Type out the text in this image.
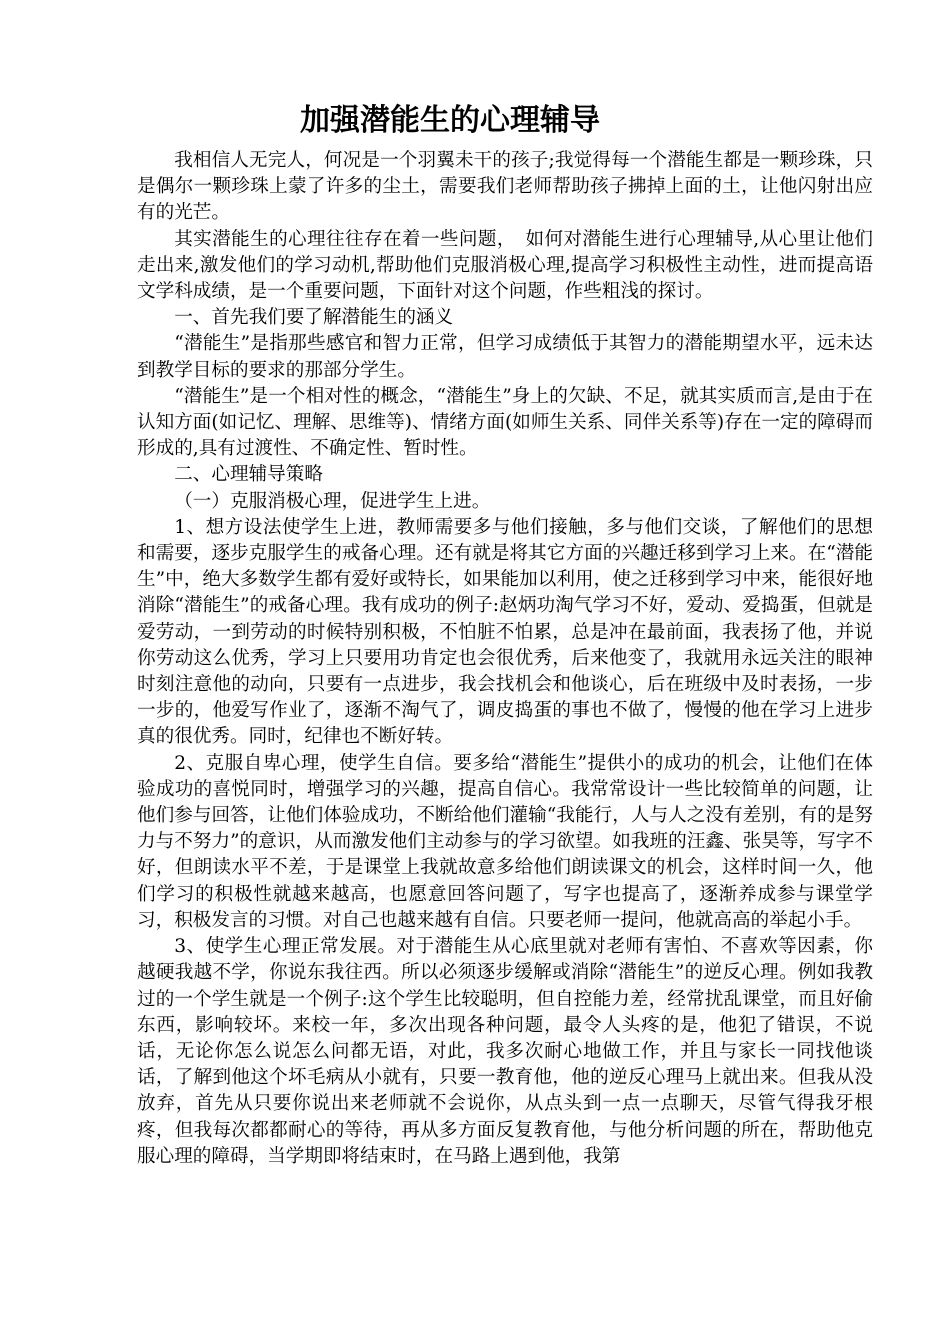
加强潜能生的心理辅导

我相信人无完人，何况是一个羽翼未干的孩子;我觉得每一个潜能生都是一颗珍珠，只是偶尔一颗珍珠上蒙了许多的尘土，需要我们老师帮助孩子拂掉上面的土，让他闪射出应有的光芒。

其实潜能生的心理往往存在着一些问题，　如何对潜能生进行心理辅导,从心里让他们走出来,激发他们的学习动机,帮助他们克服消极心理,提高学习积极性主动性，进而提高语文学科成绩，是一个重要问题，下面针对这个问题，作些粗浅的探讨。

一、首先我们要了解潜能生的涵义

“潜能生”是指那些感官和智力正常，但学习成绩低于其智力的潜能期望水平，远未达到教学目标的要求的那部分学生。

“潜能生”是一个相对性的概念，“潜能生”身上的欠缺、不足，就其实质而言,是由于在认知方面(如记忆、理解、思维等)、情绪方面(如师生关系、同伴关系等)存在一定的障碍而形成的,具有过渡性、不确定性、暂时性。

二、心理辅导策略

（一）克服消极心理，促进学生上进。

1、想方设法使学生上进，教师需要多与他们接触，多与他们交谈，了解他们的思想和需要，逐步克服学生的戒备心理。还有就是将其它方面的兴趣迁移到学习上来。在“潜能生”中，绝大多数学生都有爱好或特长，如果能加以利用，使之迁移到学习中来，能很好地消除“潜能生”的戒备心理。我有成功的例子:赵炳功淘气学习不好，爱动、爱捣蛋，但就是爱劳动，一到劳动的时候特别积极，不怕脏不怕累，总是冲在最前面，我表扬了他，并说你劳动这么优秀，学习上只要用功肯定也会很优秀，后来他变了，我就用永远关注的眼神时刻注意他的动向，只要有一点进步，我会找机会和他谈心，后在班级中及时表扬，一步一步的，他爱写作业了，逐渐不淘气了，调皮捣蛋的事也不做了，慢慢的他在学习上进步真的很优秀。同时，纪律也不断好转。

2、克服自卑心理，使学生自信。要多给“潜能生”提供小的成功的机会，让他们在体验成功的喜悦同时，增强学习的兴趣，提高自信心。我常常设计一些比较简单的问题，让他们参与回答，让他们体验成功，不断给他们灌输“我能行，人与人之没有差别，有的是努力与不努力”的意识，从而激发他们主动参与的学习欲望。如我班的汪鑫、张昊等，写字不好，但朗读水平不差，于是课堂上我就故意多给他们朗读课文的机会，这样时间一久，他们学习的积极性就越来越高，也愿意回答问题了，写字也提高了，逐渐养成参与课堂学习，积极发言的习惯。对自己也越来越有自信。只要老师一提问，他就高高的举起小手。

3、使学生心理正常发展。对于潜能生从心底里就对老师有害怕、不喜欢等因素，你越硬我越不学，你说东我往西。所以必须逐步缓解或消除“潜能生”的逆反心理。例如我教过的一个学生就是一个例子:这个学生比较聪明，但自控能力差，经常扰乱课堂，而且好偷东西，影响较坏。来校一年，多次出现各种问题，最令人头疼的是，他犯了错误，不说话，无论你怎么说怎么问都无语，对此，我多次耐心地做工作，并且与家长一同找他谈话，了解到他这个坏毛病从小就有，只要一教育他，他的逆反心理马上就出来。但我从没放弃，首先从只要你说出来老师就不会说你，从点头到一点一点聊天，尽管气得我牙根疼，但我每次都都耐心的等待，再从多方面反复教育他，与他分析问题的所在，帮助他克服心理的障碍，当学期即将结束时，在马路上遇到他，我第
